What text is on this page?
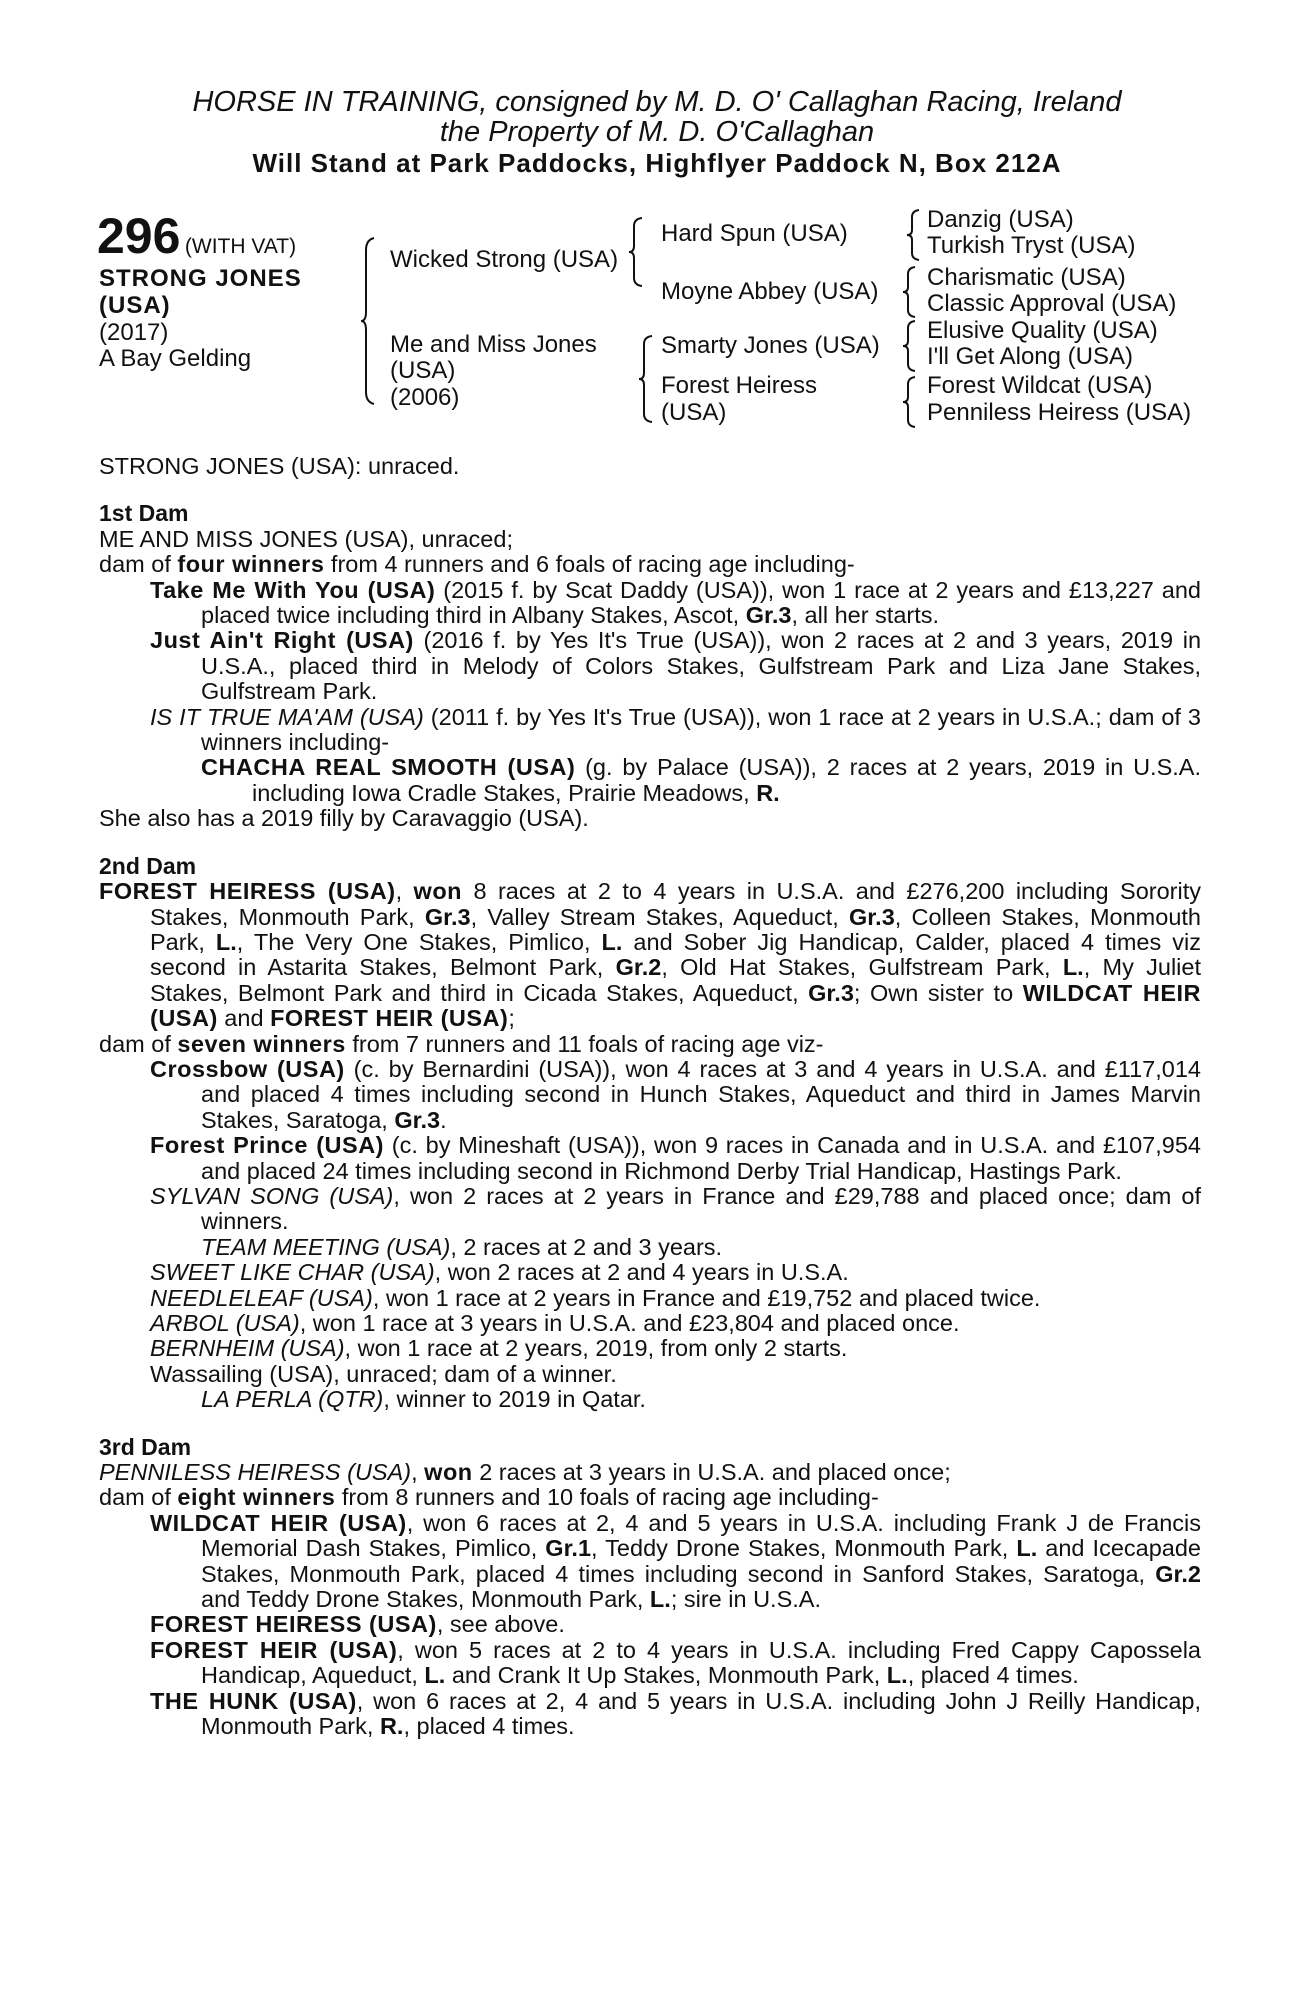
HORSE IN TRAINING, consigned by M. D. O' Callaghan Racing, Ireland
the Property of M. D. O'Callaghan
Will Stand at Park Paddocks, Highflyer Paddock N, Box 212A
296 (WITH VAT)
STRONG JONES
(USA)
(2017)
A Bay Gelding
Wicked Strong (USA)
Me and Miss Jones
(USA)
(2006)
Hard Spun (USA)
Moyne Abbey (USA)
Smarty Jones (USA)
Forest Heiress
(USA)
Danzig (USA)
Turkish Tryst (USA)
Charismatic (USA)
Classic Approval (USA)
Elusive Quality (USA)
I'll Get Along (USA)
Forest Wildcat (USA)
Penniless Heiress (USA)

STRONG JONES (USA): unraced.

1st Dam

ME AND MISS JONES (USA), unraced;

dam of four winners from 4 runners and 6 foals of racing age including-

Take Me With You (USA) (2015 f. by Scat Daddy (USA)), won 1 race at 2 years and £13,227 and placed twice including third in Albany Stakes, Ascot, Gr.3, all her starts.

Just Ain't Right (USA) (2016 f. by Yes It's True (USA)), won 2 races at 2 and 3 years, 2019 in U.S.A., placed third in Melody of Colors Stakes, Gulfstream Park and Liza Jane Stakes, Gulfstream Park.

IS IT TRUE MA'AM (USA) (2011 f. by Yes It's True (USA)), won 1 race at 2 years in U.S.A.; dam of 3 winners including-

CHACHA REAL SMOOTH (USA) (g. by Palace (USA)), 2 races at 2 years, 2019 in U.S.A. including Iowa Cradle Stakes, Prairie Meadows, R.

She also has a 2019 filly by Caravaggio (USA).

2nd Dam

FOREST HEIRESS (USA), won 8 races at 2 to 4 years in U.S.A. and £276,200 including Sorority Stakes, Monmouth Park, Gr.3, Valley Stream Stakes, Aqueduct, Gr.3, Colleen Stakes, Monmouth Park, L., The Very One Stakes, Pimlico, L. and Sober Jig Handicap, Calder, placed 4 times viz second in Astarita Stakes, Belmont Park, Gr.2, Old Hat Stakes, Gulfstream Park, L., My Juliet Stakes, Belmont Park and third in Cicada Stakes, Aqueduct, Gr.3; Own sister to WILDCAT HEIR (USA) and FOREST HEIR (USA);

dam of seven winners from 7 runners and 11 foals of racing age viz-

Crossbow (USA) (c. by Bernardini (USA)), won 4 races at 3 and 4 years in U.S.A. and £117,014 and placed 4 times including second in Hunch Stakes, Aqueduct and third in James Marvin Stakes, Saratoga, Gr.3.

Forest Prince (USA) (c. by Mineshaft (USA)), won 9 races in Canada and in U.S.A. and £107,954 and placed 24 times including second in Richmond Derby Trial Handicap, Hastings Park.

SYLVAN SONG (USA), won 2 races at 2 years in France and £29,788 and placed once; dam of winners.

TEAM MEETING (USA), 2 races at 2 and 3 years.

SWEET LIKE CHAR (USA), won 2 races at 2 and 4 years in U.S.A.

NEEDLELEAF (USA), won 1 race at 2 years in France and £19,752 and placed twice.

ARBOL (USA), won 1 race at 3 years in U.S.A. and £23,804 and placed once.

BERNHEIM (USA), won 1 race at 2 years, 2019, from only 2 starts.

Wassailing (USA), unraced; dam of a winner.

LA PERLA (QTR), winner to 2019 in Qatar.

3rd Dam

PENNILESS HEIRESS (USA), won 2 races at 3 years in U.S.A. and placed once;

dam of eight winners from 8 runners and 10 foals of racing age including-

WILDCAT HEIR (USA), won 6 races at 2, 4 and 5 years in U.S.A. including Frank J de Francis Memorial Dash Stakes, Pimlico, Gr.1, Teddy Drone Stakes, Monmouth Park, L. and Icecapade Stakes, Monmouth Park, placed 4 times including second in Sanford Stakes, Saratoga, Gr.2 and Teddy Drone Stakes, Monmouth Park, L.; sire in U.S.A.

FOREST HEIRESS (USA), see above.

FOREST HEIR (USA), won 5 races at 2 to 4 years in U.S.A. including Fred Cappy Capossela Handicap, Aqueduct, L. and Crank It Up Stakes, Monmouth Park, L., placed 4 times.

THE HUNK (USA), won 6 races at 2, 4 and 5 years in U.S.A. including John J Reilly Handicap, Monmouth Park, R., placed 4 times.
